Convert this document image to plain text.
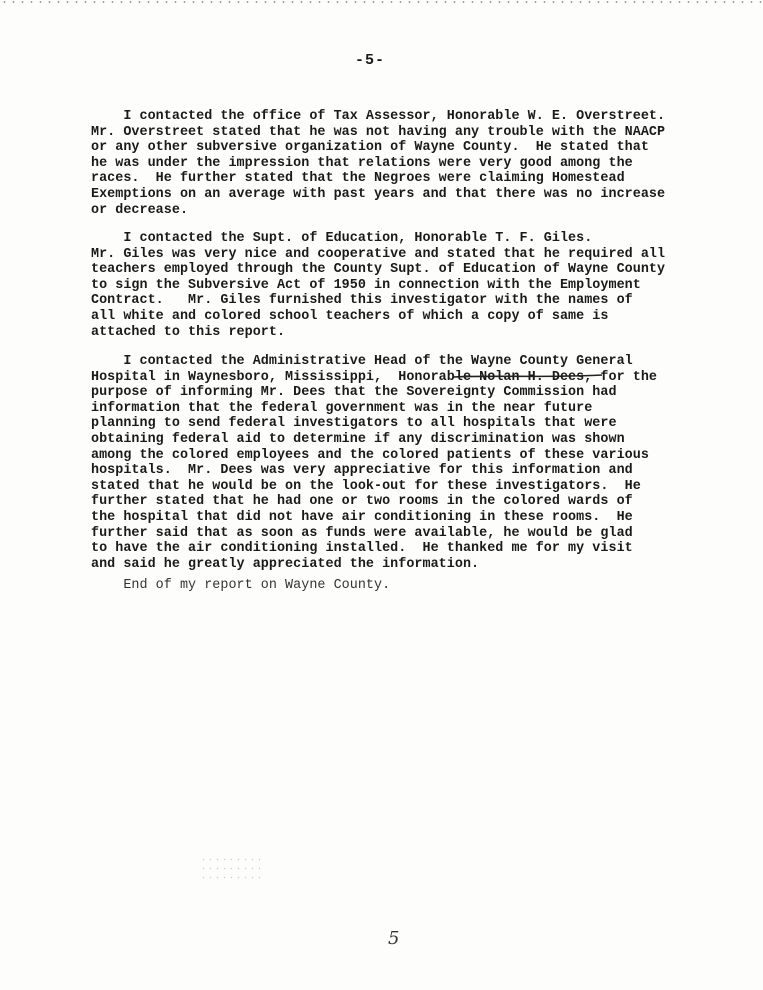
-5-

I contacted the office of Tax Assessor, Honorable W. E. Overstreet.
Mr. Overstreet stated that he was not having any trouble with the NAACP
or any other subversive organization of Wayne County.  He stated that
he was under the impression that relations were very good among the
races.  He further stated that the Negroes were claiming Homestead
Exemptions on an average with past years and that there was no increase
or decrease.

I contacted the Supt. of Education, Honorable T. F. Giles.
Mr. Giles was very nice and cooperative and stated that he required all
teachers employed through the County Supt. of Education of Wayne County
to sign the Subversive Act of 1950 in connection with the Employment
Contract.   Mr. Giles furnished this investigator with the names of
all white and colored school teachers of which a copy of same is
attached to this report.

I contacted the Administrative Head of the Wayne County General
Hospital in Waynesboro, Mississippi,  Honorable Nolan H. Dees, for the
purpose of informing Mr. Dees that the Sovereignty Commission had
information that the federal government was in the near future
planning to send federal investigators to all hospitals that were
obtaining federal aid to determine if any discrimination was shown
among the colored employees and the colored patients of these various
hospitals.  Mr. Dees was very appreciative for this information and
stated that he would be on the look-out for these investigators.  He
further stated that he had one or two rooms in the colored wards of
the hospital that did not have air conditioning in these rooms.  He
further said that as soon as funds were available, he would be glad
to have the air conditioning installed.  He thanked me for my visit
and said he greatly appreciated the information.

End of my report on Wayne County.

5
